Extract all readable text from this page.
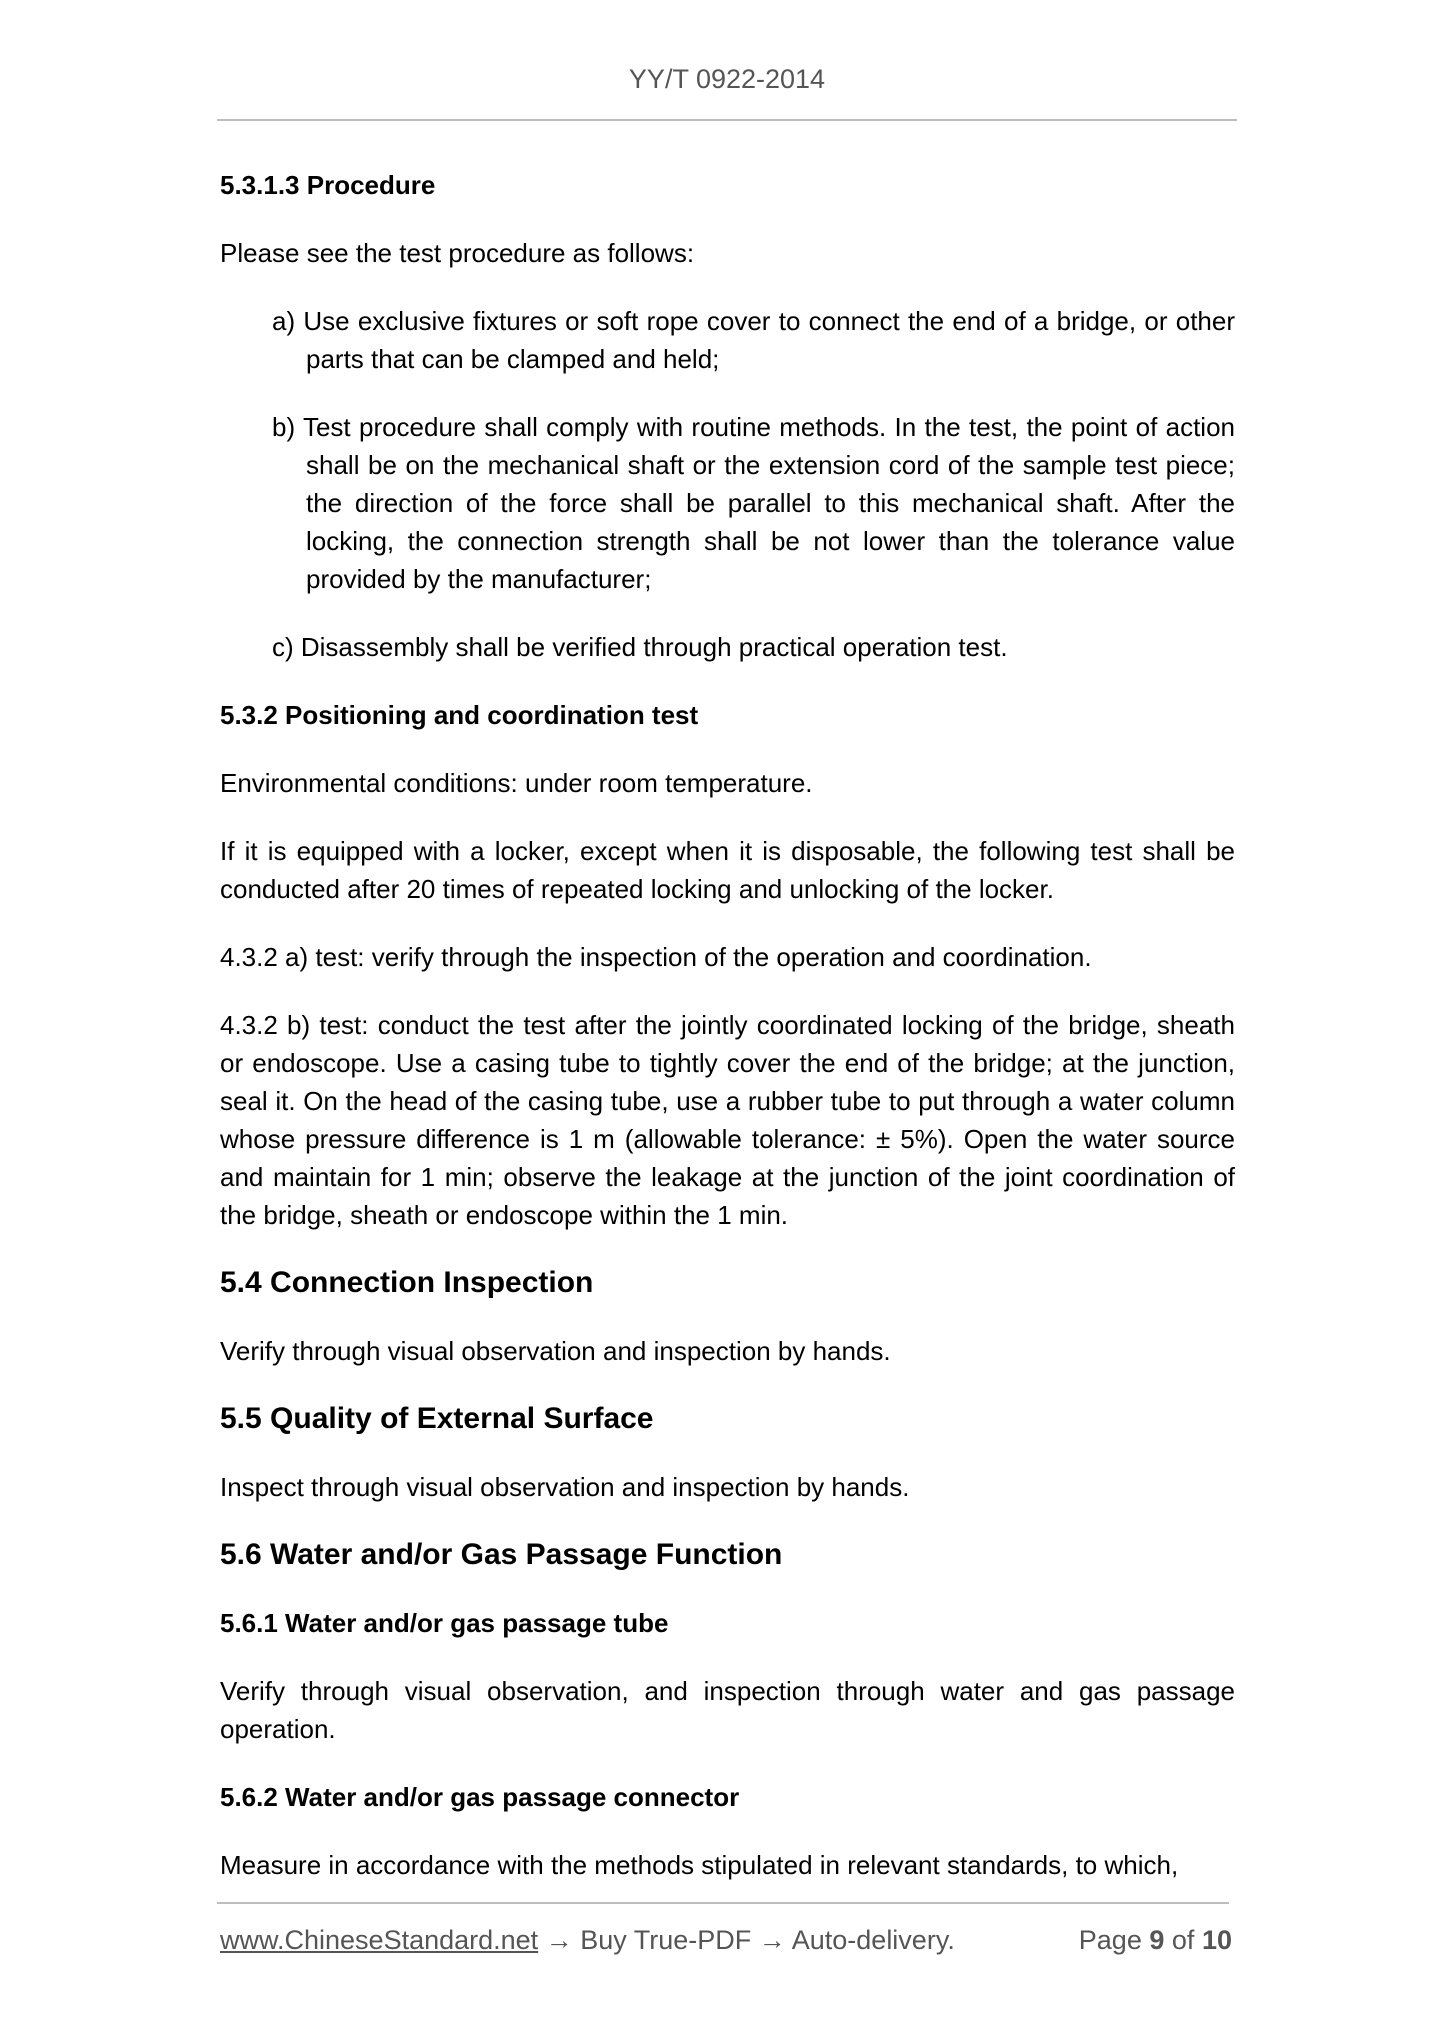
YY/T 0922-2014

5.3.1.3 Procedure

Please see the test procedure as follows:

a) Use exclusive fixtures or soft rope cover to connect the end of a bridge, or other parts that can be clamped and held;

b) Test procedure shall comply with routine methods. In the test, the point of action shall be on the mechanical shaft or the extension cord of the sample test piece; the direction of the force shall be parallel to this mechanical shaft. After the locking, the connection strength shall be not lower than the tolerance value provided by the manufacturer;

c) Disassembly shall be verified through practical operation test.

5.3.2 Positioning and coordination test

Environmental conditions: under room temperature.

If it is equipped with a locker, except when it is disposable, the following test shall be conducted after 20 times of repeated locking and unlocking of the locker.

4.3.2 a) test: verify through the inspection of the operation and coordination.

4.3.2 b) test: conduct the test after the jointly coordinated locking of the bridge, sheath or endoscope. Use a casing tube to tightly cover the end of the bridge; at the junction, seal it. On the head of the casing tube, use a rubber tube to put through a water column whose pressure difference is 1 m (allowable tolerance: ± 5%). Open the water source and maintain for 1 min; observe the leakage at the junction of the joint coordination of the bridge, sheath or endoscope within the 1 min.

5.4 Connection Inspection

Verify through visual observation and inspection by hands.

5.5 Quality of External Surface

Inspect through visual observation and inspection by hands.

5.6 Water and/or Gas Passage Function

5.6.1 Water and/or gas passage tube

Verify through visual observation, and inspection through water and gas passage operation.

5.6.2 Water and/or gas passage connector

Measure in accordance with the methods stipulated in relevant standards, to which,

www.ChineseStandard.net → Buy True-PDF → Auto-delivery.	Page 9 of 10
